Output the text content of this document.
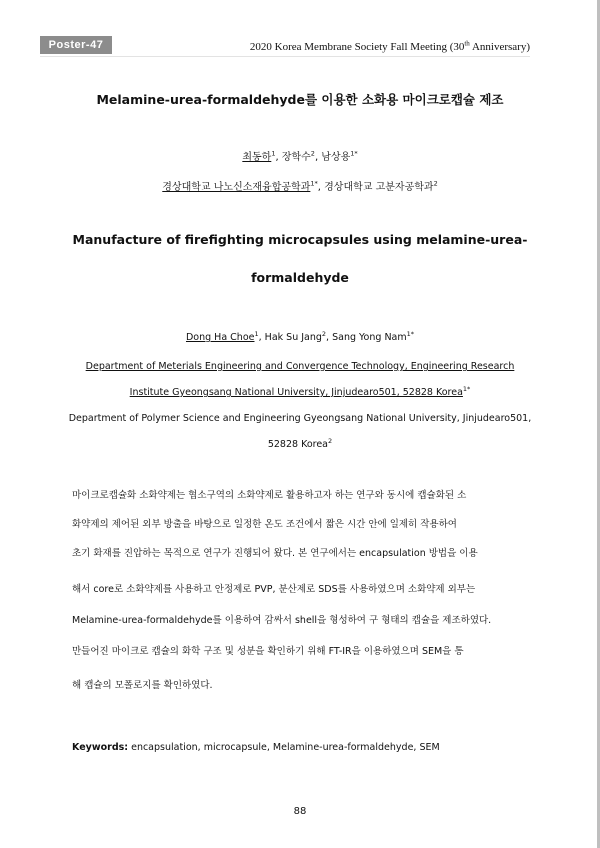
Poster-47	2020 Korea Membrane Society Fall Meeting (30th Anniversary)
Melamine-urea-formaldehyde를 이용한 소화용 마이크로캡슐 제조
최동하$^1$, 장학수$^2$, 남상용$^{1*}$
경상대학교 나노신소재융합공학과$^{1*}$, 경상대학교 고분자공학과$^2$
Manufacture of firefighting microcapsules using melamine-urea-
formaldehyde
Dong Ha Choe$^1$, Hak Su Jang$^2$, Sang Yong Nam$^{1*}$
Department of Meterials Engineering and Convergence Technology, Engineering Research
Institute Gyeongsang National University, Jinjudearo501, 52828 Korea$^{1*}$
Department of Polymer Science and Engineering Gyeongsang National University, Jinjudearo501,
52828 Korea$^2$
마이크로캡슐화 소화약제는 협소구역의 소화약제로 활용하고자 하는 연구와 동시에 캡슐화된 소
화약제의 제어된 외부 방출을 바탕으로 일정한 온도 조건에서 짧은 시간 안에 일제히 작용하여
초기 화재를 진압하는 목적으로 연구가 진행되어 왔다. 본 연구에서는 encapsulation 방법을 이용
해서 core로 소화약제를 사용하고 안정제로 PVP, 분산제로 SDS를 사용하였으며 소화약제 외부는
Melamine-urea-formaldehyde를 이용하여 감싸서 shell을 형성하여 구 형태의 캡슐을 제조하였다.
만들어진 마이크로 캡슐의 화학 구조 및 성분을 확인하기 위해 FT-IR을 이용하였으며 SEM을 통
해 캡슐의 모폴로지를 확인하였다.
Keywords: encapsulation, microcapsule, Melamine-urea-formaldehyde, SEM
88
